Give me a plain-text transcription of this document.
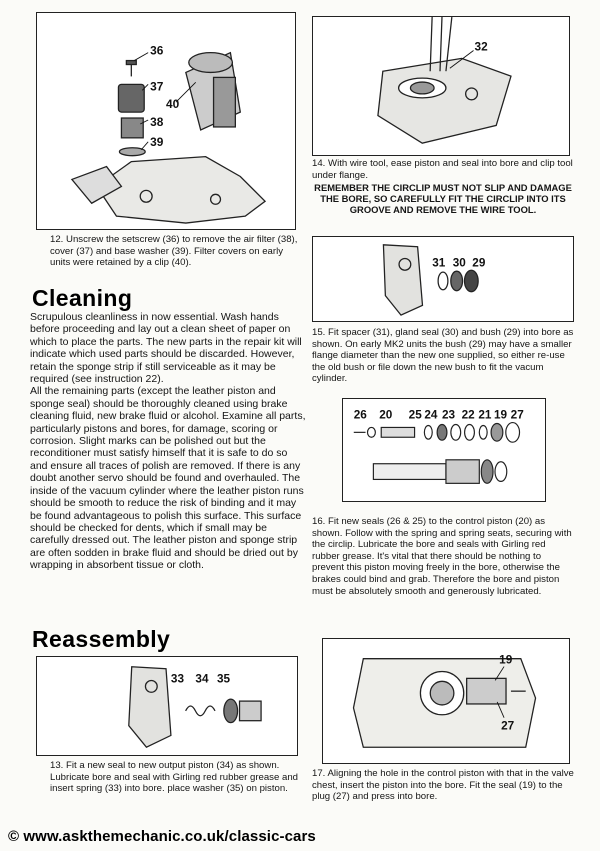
36
37
40
38
39
12. Unscrew the setscrew (36) to remove the air filter (38), cover (37) and base washer (39). Filter covers on early units were retained by a clip (40).
32
14. With wire tool, ease piston and seal into bore and clip tool under flange.
REMEMBER THE CIRCLIP MUST NOT SLIP AND DAMAGE THE BORE, SO CAREFULLY FIT THE CIRCLIP INTO ITS GROOVE AND REMOVE THE WIRE TOOL.
Cleaning

Scrupulous cleanliness in now essential. Wash hands before proceeding and lay out a clean sheet of paper on which to place the parts. The new parts in the repair kit will indicate which used parts should be discarded. However, retain the sponge strip if still serviceable as it may be required (see instruction 22).

All the remaining parts (except the leather piston and sponge seal) should be thoroughly cleaned using brake cleaning fluid, new brake fluid or alcohol. Examine all parts, particularly pistons and bores, for damage, scoring or corrosion. Slight marks can be polished out but the reconditioner must satisfy himself that it is safe to do so and ensure all traces of polish are removed. If there is any doubt another servo should be found and overhauled. The inside of the vacuum cylinder where the leather piston runs should be smooth to reduce the risk of binding and it may be found advantageous to polish this surface. This surface should be checked for dents, which if small may be carefully dressed out. The leather piston and sponge strip are often sodden in brake fluid and should be dried out by wrapping in absorbent tissue or cloth.

31 30 29
15. Fit spacer (31), gland seal (30) and bush (29) into bore as shown. On early MK2 units the bush (29) may have a smaller flange diameter than the new one supplied, so either re-use the old bush or file down the new bush to fit the vacum cylinder.
26 20 25 24 23 22 21 19 27
16. Fit new seals (26 & 25) to the control piston (20) as shown. Follow with the spring and spring seats, securing with the circlip. Lubricate the bore and seals with Girling red rubber grease. It's vital that there should be nothing to prevent this piston moving freely in the bore, otherwise the brakes could bind and grab. Therefore the bore and piston must be absolutely smooth and generously lubricated.
Reassembly
33 34 35
13. Fit a new seal to new output piston (34) as shown. Lubricate bore and seal with Girling red rubber grease and insert spring (33) into bore. place washer (35) on piston.
19
27
17. Aligning the hole in the control piston with that in the valve chest, insert the piston into the bore. Fit the seal (19) to the plug (27) and press into bore.
© www.askthemechanic.co.uk/classic-cars
